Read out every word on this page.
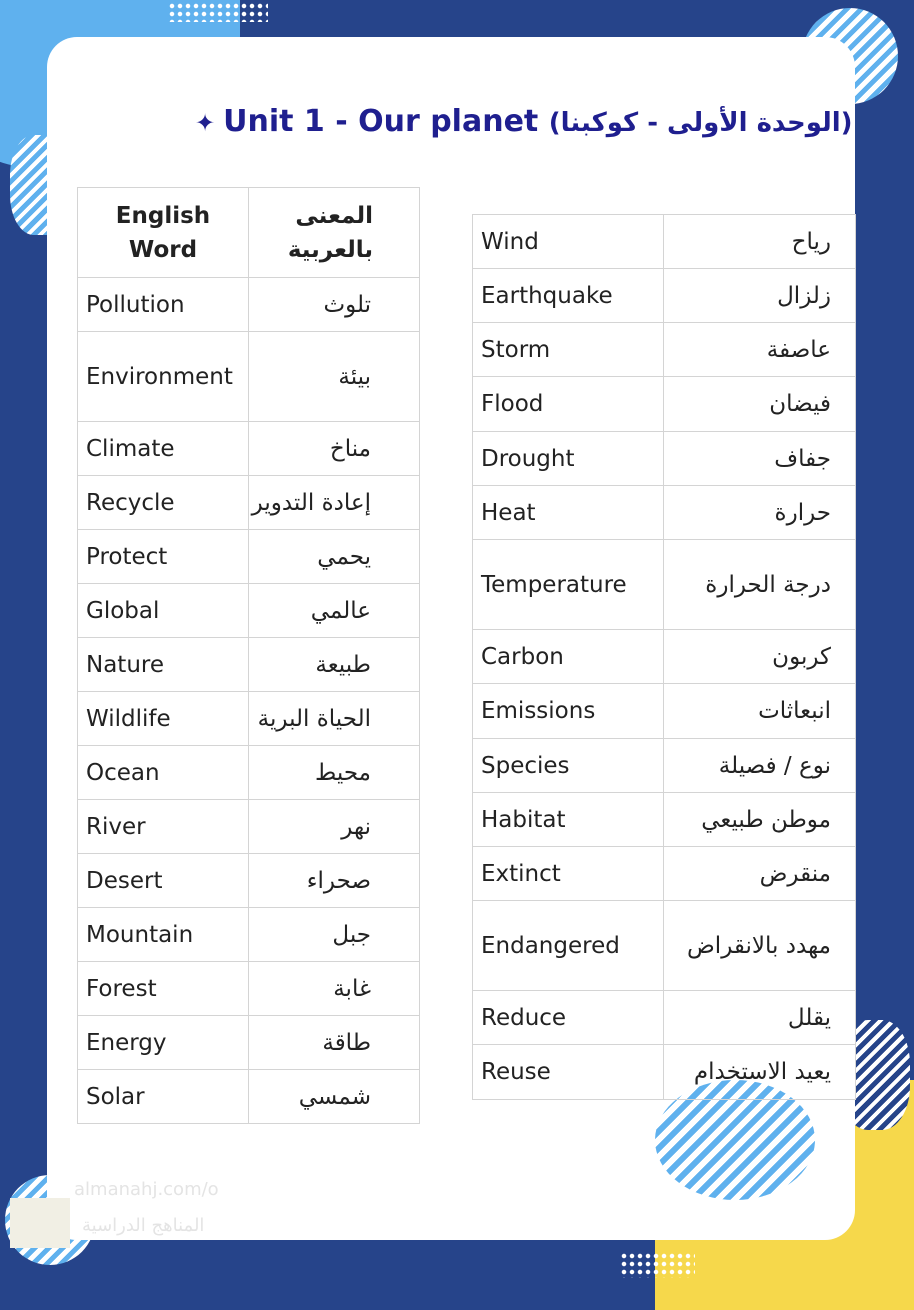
✦ Unit 1 - Our planet (الوحدة الأولى - كوكبنا)
English Word	المعنى بالعربية
Pollution	تلوث
Environment	بيئة
Climate	مناخ
Recycle	إعادة التدوير
Protect	يحمي
Global	عالمي
Nature	طبيعة
Wildlife	الحياة البرية
Ocean	محيط
River	نهر
Desert	صحراء
Mountain	جبل
Forest	غابة
Energy	طاقة
Solar	شمسي
Wind	رياح
Earthquake	زلزال
Storm	عاصفة
Flood	فيضان
Drought	جفاف
Heat	حرارة
Temperature	درجة الحرارة
Carbon	كربون
Emissions	انبعاثات
Species	نوع / فصيلة
Habitat	موطن طبيعي
Extinct	منقرض
Endangered	مهدد بالانقراض
Reduce	يقلل
Reuse	يعيد الاستخدام
almanahj.com/o
المناهج الدراسية
